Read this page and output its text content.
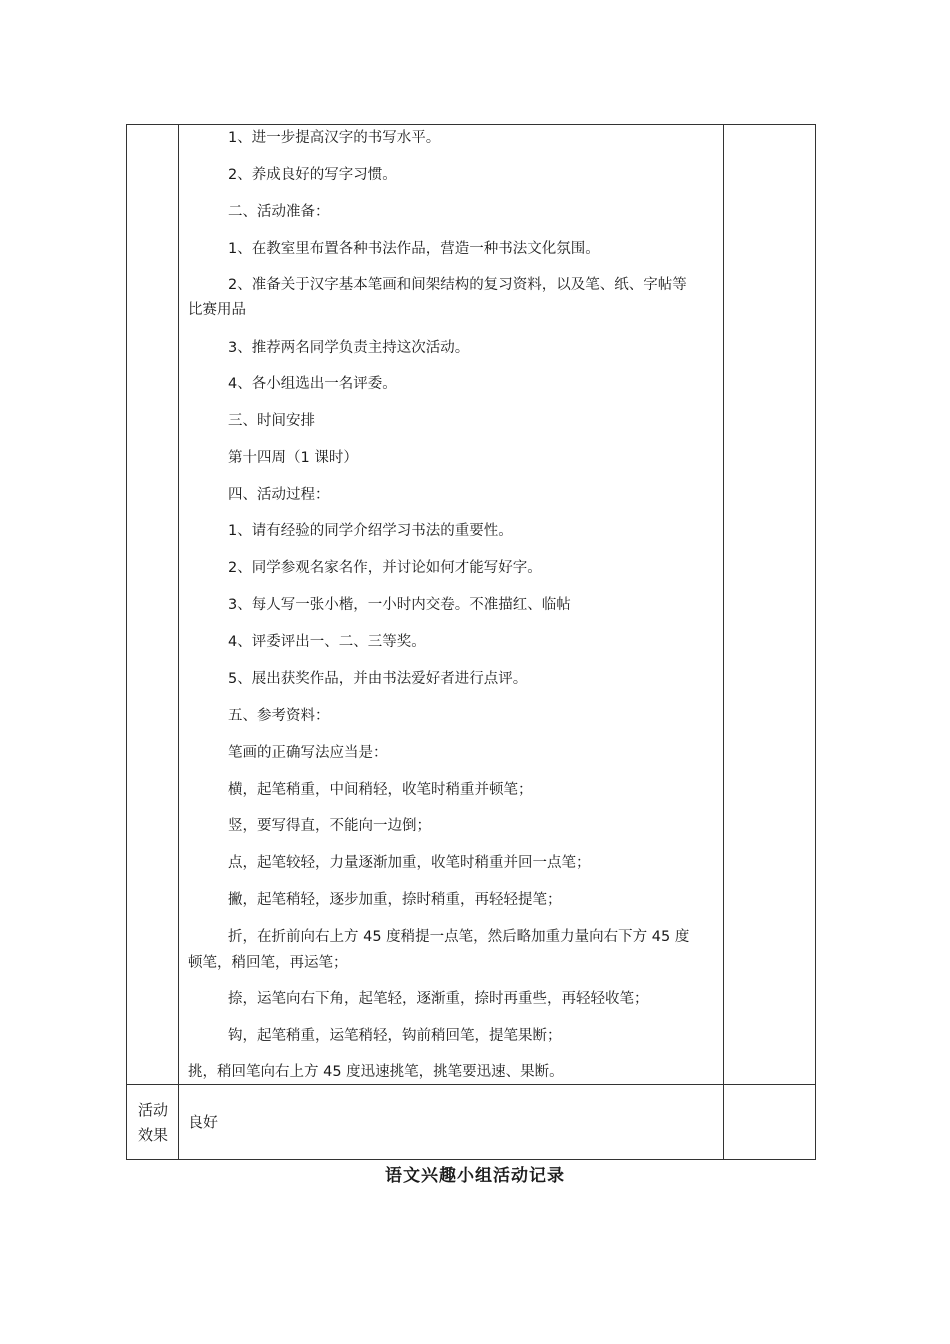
1、进一步提高汉字的书写水平。
2、养成良好的写字习惯。
二、活动准备：
1、在教室里布置各种书法作品，营造一种书法文化氛围。
2、准备关于汉字基本笔画和间架结构的复习资料，以及笔、纸、字帖等
比赛用品
3、推荐两名同学负责主持这次活动。
4、各小组选出一名评委。
三、时间安排
第十四周（1 课时）
四、活动过程：
1、请有经验的同学介绍学习书法的重要性。
2、同学参观名家名作，并讨论如何才能写好字。
3、每人写一张小楷，一小时内交卷。不准描红、临帖
4、评委评出一、二、三等奖。
5、展出获奖作品，并由书法爱好者进行点评。
五、参考资料：
笔画的正确写法应当是：
横，起笔稍重，中间稍轻，收笔时稍重并顿笔；
竖，要写得直，不能向一边倒；
点，起笔较轻，力量逐渐加重，收笔时稍重并回一点笔；
撇，起笔稍轻，逐步加重，捺时稍重，再轻轻提笔；
折，在折前向右上方 45 度稍提一点笔，然后略加重力量向右下方 45 度
顿笔，稍回笔，再运笔；
捺，运笔向右下角，起笔轻，逐渐重，捺时再重些，再轻轻收笔；
钩，起笔稍重，运笔稍轻，钩前稍回笔，提笔果断；
挑，稍回笔向右上方 45 度迅速挑笔，挑笔要迅速、果断。
活动
效果
良好
语文兴趣小组活动记录
